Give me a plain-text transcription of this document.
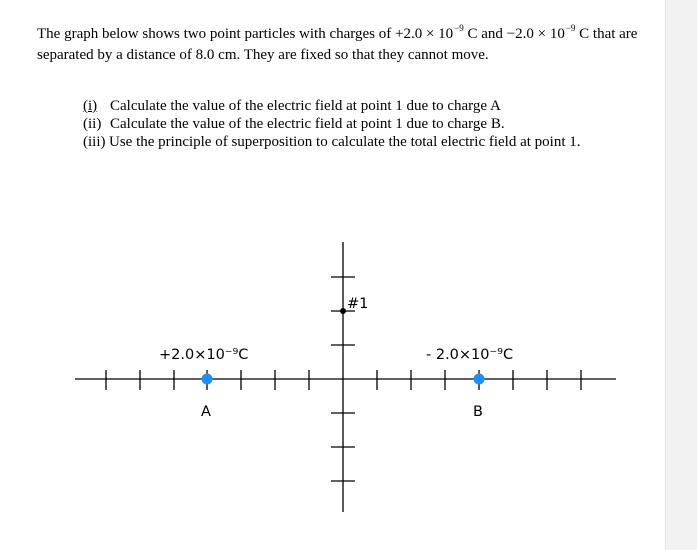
The graph below shows two point particles with charges of $+2.0 \times 10^{-9}$ C and $-2.0 \times 10^{-9}$ C that are separated by a distance of 8.0 cm. They are fixed so that they cannot move.
(i) Calculate the value of the electric field at point 1 due to charge A
(ii) Calculate the value of the electric field at point 1 due to charge B.
(iii) Use the principle of superposition to calculate the total electric field at point 1.
#1
+2.0×10⁻⁹C
A
- 2.0×10⁻⁹C
B
